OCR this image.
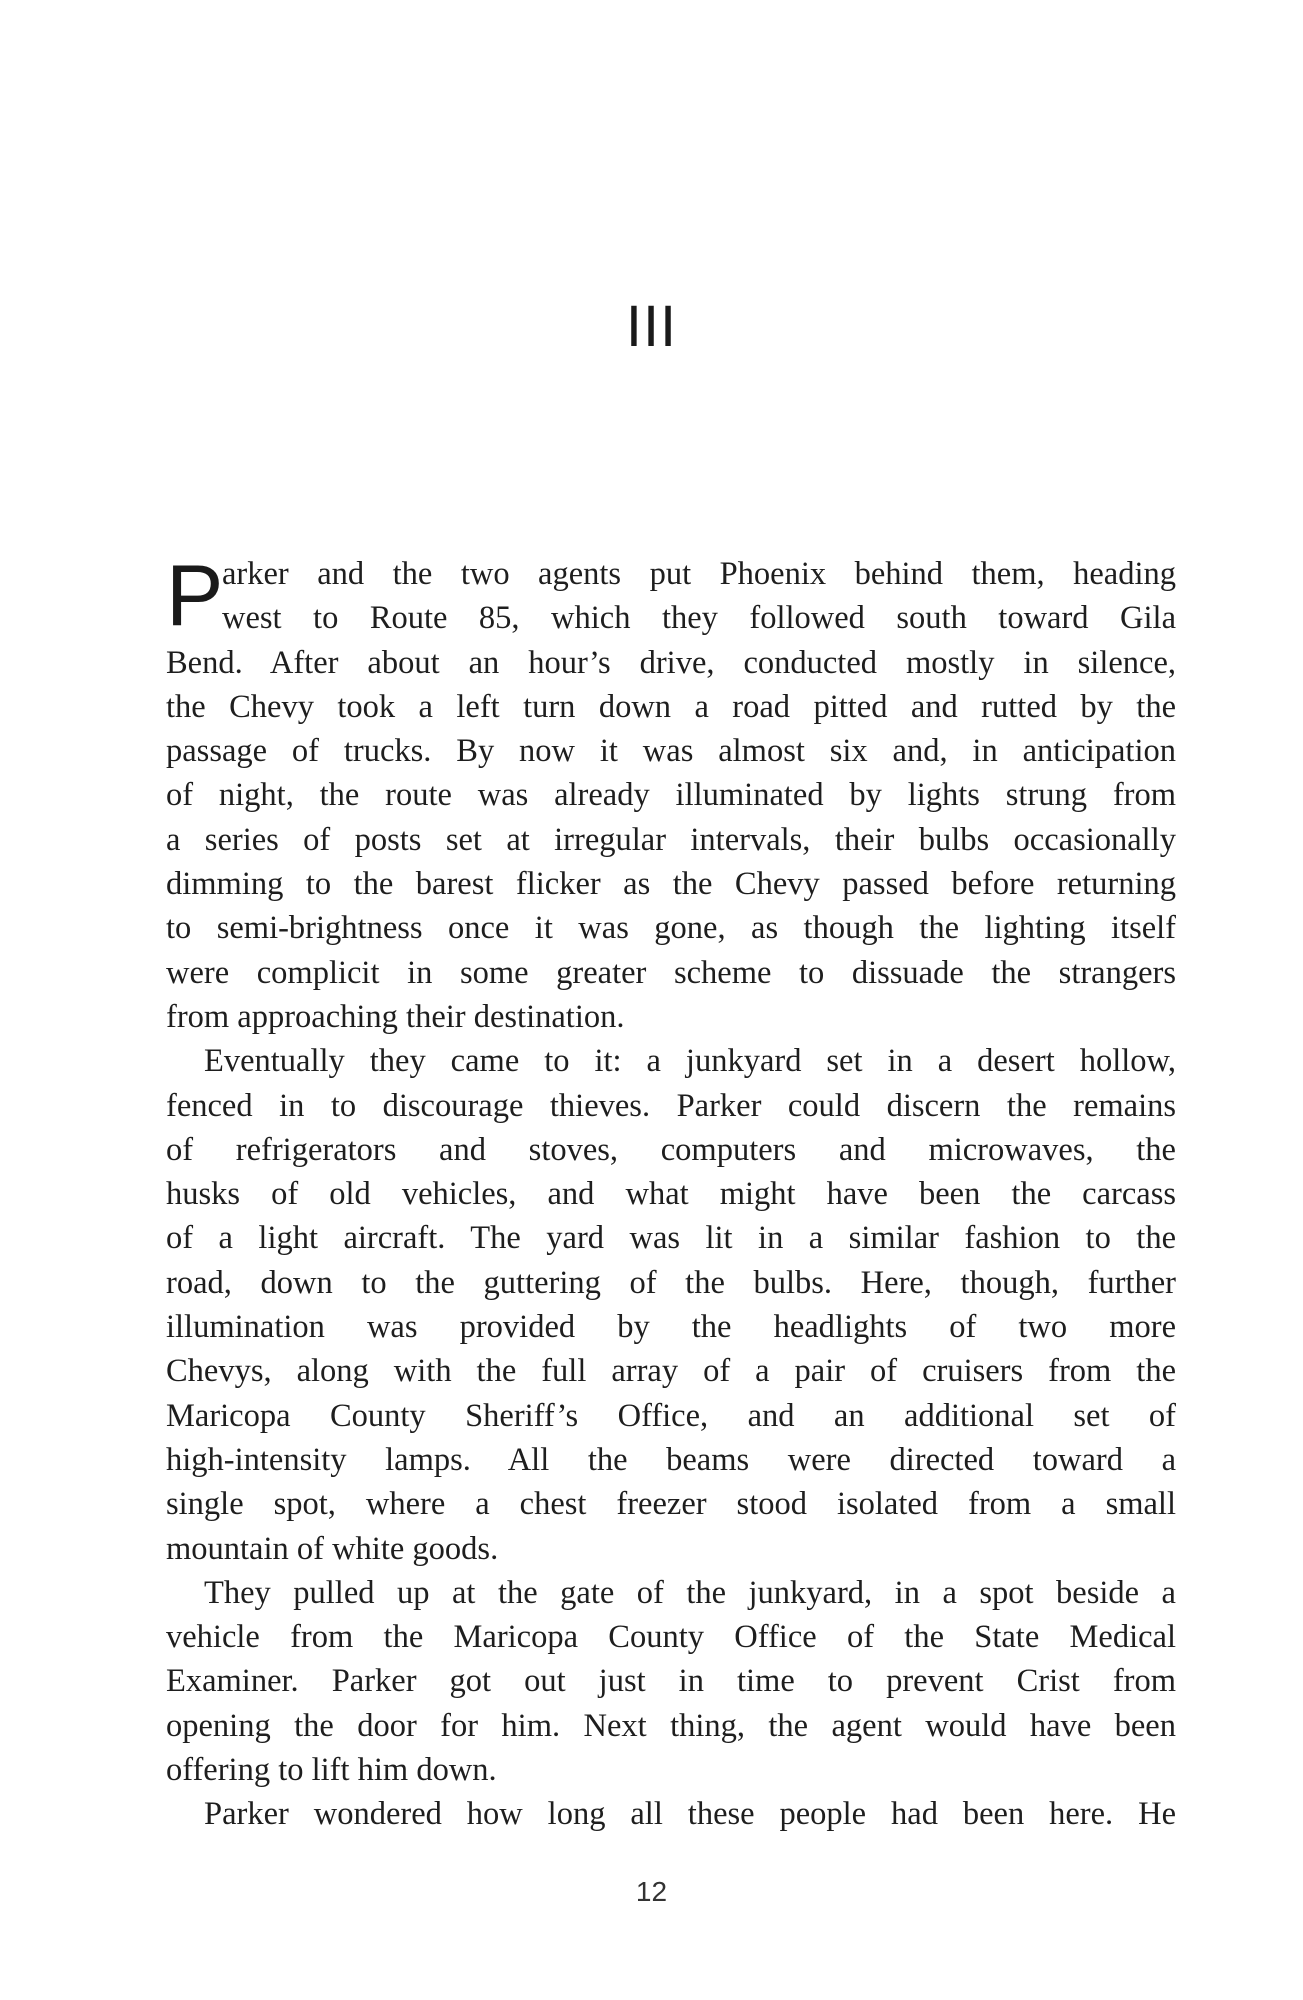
III
P
arker and the two agents put Phoenix behind them, heading
west to Route 85, which they followed south toward Gila
Bend. After about an hour’s drive, conducted mostly in silence,
the Chevy took a left turn down a road pitted and rutted by the
passage of trucks. By now it was almost six and, in anticipation
of night, the route was already illuminated by lights strung from
a series of posts set at irregular intervals, their bulbs occasionally
dimming to the barest flicker as the Chevy passed before returning
to semi-brightness once it was gone, as though the lighting itself
were complicit in some greater scheme to dissuade the strangers
from approaching their destination.
Eventually they came to it: a junkyard set in a desert hollow,
fenced in to discourage thieves. Parker could discern the remains
of refrigerators and stoves, computers and microwaves, the
husks of old vehicles, and what might have been the carcass
of a light aircraft. The yard was lit in a similar fashion to the
road, down to the guttering of the bulbs. Here, though, further
illumination was provided by the headlights of two more
Chevys, along with the full array of a pair of cruisers from the
Maricopa County Sheriff’s Office, and an additional set of
high-intensity lamps. All the beams were directed toward a
single spot, where a chest freezer stood isolated from a small
mountain of white goods.
They pulled up at the gate of the junkyard, in a spot beside a
vehicle from the Maricopa County Office of the State Medical
Examiner. Parker got out just in time to prevent Crist from
opening the door for him. Next thing, the agent would have been
offering to lift him down.
Parker wondered how long all these people had been here. He
12
